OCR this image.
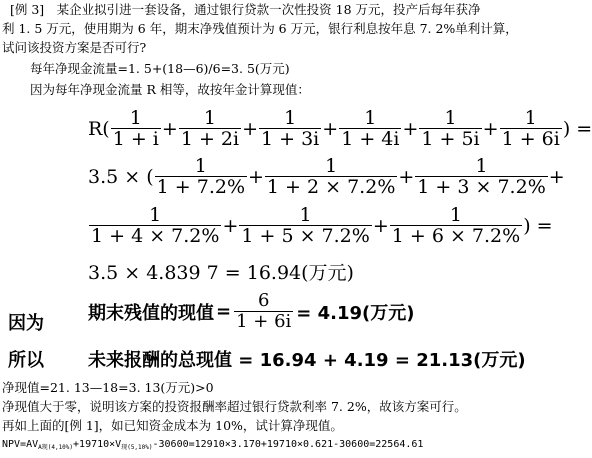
[例 3]　某企业拟引进一套设备，通过银行贷款一次性投资 18 万元，投产后每年获净
利 1. 5 万元，使用期为 6 年，期末净残值预计为 6 万元，银行利息按年息 7. 2%单利计算，
试问该投资方案是否可行?
每年净现金流量=1. 5+(18—6)/6=3. 5(万元)
因为每年净现金流量 R 相等，故按年金计算现值：
$R( \frac{1}{1 + i} + \frac{1}{1 + 2i} + \frac{1}{1 + 3i} + \frac{1}{1 + 4i} + \frac{1}{1 + 5i} + \frac{1}{1 + 6i}$ ) =
3.5 × ( $\frac{1}{1 + 7.2\%} + \frac{1}{1 + 2 \times 7.2\%} + \frac{1}{1 + 3 \times 7.2\%}$ +
$\frac{1}{1 + 4 \times 7.2\%} + \frac{1}{1 + 5 \times 7.2\%} + \frac{1}{1 + 6 \times 7.2\%}$ ) =
3.5 × 4.839 7 = 16.94(万元)
因为 期末残值的现值 = $\frac{6}{1 + 6i} = 4.19$(万元)
所以 未来报酬的总现值 = 16.94 + 4.19 = 21.13(万元)
净现值=21. 13—18=3. 13(万元)>0
净现值大于零，说明该方案的投资报酬率超过银行贷款利率 7. 2%，故该方案可行。
再如上面的[例 1]，如已知资金成本为 10%，试计算净现值。
$NPV=AV_{A现(4,10\%)}+19710\times V_{现(5,10\%)}-30600=12910\times 3.170+19710\times 0.621-30600=22564.61$
